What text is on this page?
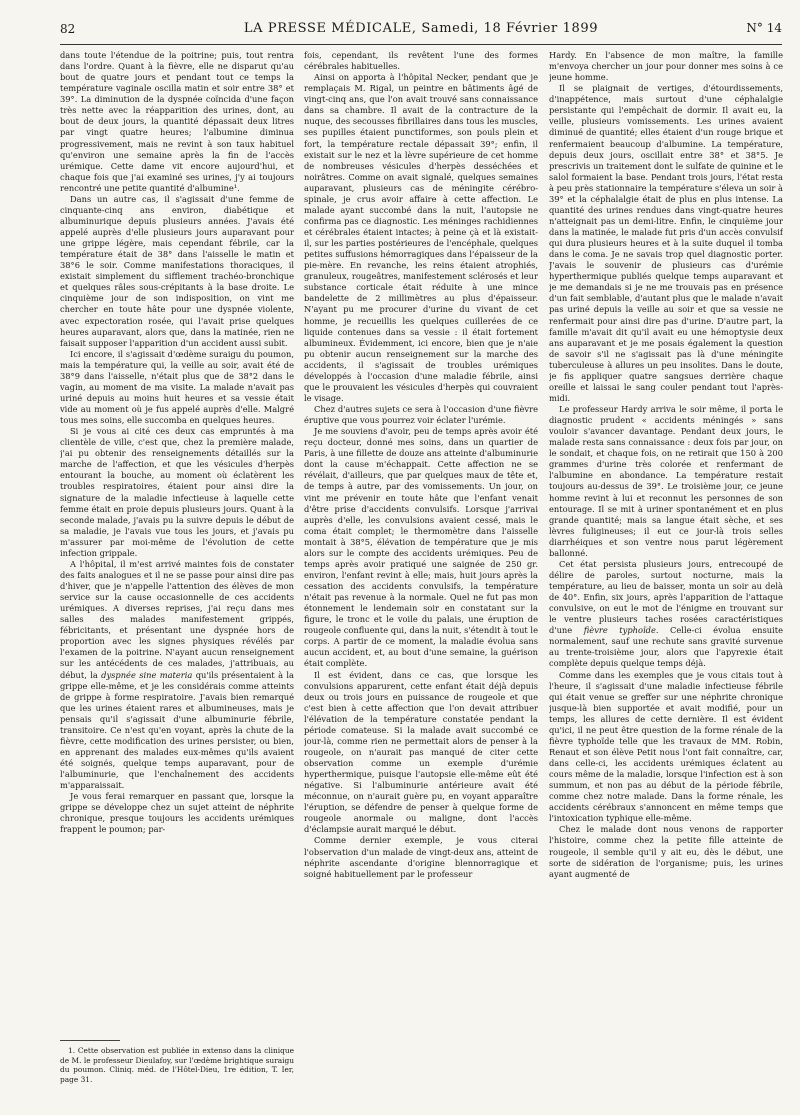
82	LA PRESSE MÉDICALE, Samedi, 18 Février 1899	N° 14

dans toute l'étendue de la poitrine; puis, tout rentra dans l'ordre. Quant à la fièvre, elle ne disparut qu'au bout de quatre jours et pendant tout ce temps la température vaginale oscilla matin et soir entre 38° et 39°. La diminution de la dyspnée coïncida d'une façon très nette avec la réapparition des urines, dont, au bout de deux jours, la quantité dépassait deux litres par vingt quatre heures; l'albumine diminua progressivement, mais ne revint à son taux habituel qu'environ une semaine après la fin de l'accès urémique. Cette dame vit encore aujourd'hui, et chaque fois que j'ai examiné ses urines, j'y ai toujours rencontré une petite quantité d'albumine¹.

Dans un autre cas, il s'agissait d'une femme de cinquante-cinq ans environ, diabétique et albuminurique depuis plusieurs années. J'avais été appelé auprès d'elle plusieurs jours auparavant pour une grippe légère, mais cependant fébrile, car la température était de 38° dans l'aisselle le matin et 38°6 le soir. Comme manifestations thoraciques, il existait simplement du sifflement trachéo-bronchique et quelques râles sous-crépitants à la base droite. Le cinquième jour de son indisposition, on vint me chercher en toute hâte pour une dyspnée violente, avec expectoration rosée, qui l'avait prise quelques heures auparavant, alors que, dans la matinée, rien ne faisait supposer l'apparition d'un accident aussi subit.

Ici encore, il s'agissait d'œdème suraigu du poumon, mais la température qui, la veille au soir, avait été de 38°9 dans l'aisselle, n'était plus que de 38°2 dans le vagin, au moment de ma visite. La malade n'avait pas uriné depuis au moins huit heures et sa vessie était vide au moment où je fus appelé auprès d'elle. Malgré tous mes soins, elle succomba en quelques heures.

Si je vous ai cité ces deux cas empruntés à ma clientèle de ville, c'est que, chez la première malade, j'ai pu obtenir des renseignements détaillés sur la marche de l'affection, et que les vésicules d'herpès entourant la bouche, au moment où éclatèrent les troubles respiratoires, étaient pour ainsi dire la signature de la maladie infectieuse à laquelle cette femme était en proie depuis plusieurs jours. Quant à la seconde malade, j'avais pu la suivre depuis le début de sa maladie, je l'avais vue tous les jours, et j'avais pu m'assurer par moi-même de l'évolution de cette infection grippale.

A l'hôpital, il m'est arrivé maintes fois de constater des faits analogues et il ne se passe pour ainsi dire pas d'hiver, que je n'appelle l'attention des élèves de mon service sur la cause occasionnelle de ces accidents urémiques. A diverses reprises, j'ai reçu dans mes salles des malades manifestement grippés, fébricitants, et présentant une dyspnée hors de proportion avec les signes physiques révélés par l'examen de la poitrine. N'ayant aucun renseignement sur les antécédents de ces malades, j'attribuais, au début, la dyspnée sine materia qu'ils présentaient à la grippe elle-même, et je les considérais comme atteints de grippe à forme respiratoire. J'avais bien remarqué que les urines étaient rares et albumineuses, mais je pensais qu'il s'agissait d'une albuminurie fébrile, transitoire. Ce n'est qu'en voyant, après la chute de la fièvre, cette modification des urines persister, ou bien, en apprenant des malades eux-mêmes qu'ils avaient été soignés, quelque temps auparavant, pour de l'albuminurie, que l'enchaînement des accidents m'apparaissait.

Je vous ferai remarquer en passant que, lorsque la grippe se développe chez un sujet atteint de néphrite chronique, presque toujours les accidents urémiques frappent le poumon; par-

fois, cependant, ils revêtent l'une des formes cérébrales habituelles.

Ainsi on apporta à l'hôpital Necker, pendant que je remplaçais M. Rigal, un peintre en bâtiments âgé de vingt-cinq ans, que l'on avait trouvé sans connaissance dans sa chambre. Il avait de la contracture de la nuque, des secousses fibrillaires dans tous les muscles, ses pupilles étaient punctiformes, son pouls plein et fort, la température rectale dépassait 39°; enfin, il existait sur le nez et la lèvre supérieure de cet homme de nombreuses vésicules d'herpès desséchées et noirâtres. Comme on avait signalé, quelques semaines auparavant, plusieurs cas de méningite cérébro-spinale, je crus avoir affaire à cette affection. Le malade ayant succombé dans la nuit, l'autopsie ne confirma pas ce diagnostic. Les méninges rachidiennes et cérébrales étaient intactes; à peine çà et là existait-il, sur les parties postérieures de l'encéphale, quelques petites suffusions hémorragiques dans l'épaisseur de la pie-mère. En revanche, les reins étaient atrophiés, granuleux, rougeâtres, manifestement sclérosés et leur substance corticale était réduite à une mince bandelette de 2 millimètres au plus d'épaisseur. N'ayant pu me procurer d'urine du vivant de cet homme, je recueillis les quelques cuillerées de ce liquide contenues dans sa vessie : il était fortement albumineux. Évidemment, ici encore, bien que je n'aie pu obtenir aucun renseignement sur la marche des accidents, il s'agissait de troubles urémiques développés à l'occasion d'une maladie fébrile, ainsi que le prouvaient les vésicules d'herpès qui couvraient le visage.

Chez d'autres sujets ce sera à l'occasion d'une fièvre éruptive que vous pourrez voir éclater l'urémie.

Je me souviens d'avoir, peu de temps après avoir été reçu docteur, donné mes soins, dans un quartier de Paris, à une fillette de douze ans atteinte d'albuminurie dont la cause m'échappait. Cette affection ne se révélait, d'ailleurs, que par quelques maux de tête et, de temps à autre, par des vomissements. Un jour, on vint me prévenir en toute hâte que l'enfant venait d'être prise d'accidents convulsifs. Lorsque j'arrivai auprès d'elle, les convulsions avaient cessé, mais le coma était complet; le thermomètre dans l'aisselle montait à 38°5, élévation de température que je mis alors sur le compte des accidents urémiques. Peu de temps après avoir pratiqué une saignée de 250 gr. environ, l'enfant revint à elle; mais, huit jours après la cessation des accidents convulsifs, la température n'était pas revenue à la normale. Quel ne fut pas mon étonnement le lendemain soir en constatant sur la figure, le tronc et le voile du palais, une éruption de rougeole confluente qui, dans la nuit, s'étendit à tout le corps. A partir de ce moment, la maladie évolua sans aucun accident, et, au bout d'une semaine, la guérison était complète.

Il est évident, dans ce cas, que lorsque les convulsions apparurent, cette enfant était déjà depuis deux ou trois jours en puissance de rougeole et que c'est bien à cette affection que l'on devait attribuer l'élévation de la température constatée pendant la période comateuse. Si la malade avait succombé ce jour-là, comme rien ne permettait alors de penser à la rougeole, on n'aurait pas manqué de citer cette observation comme un exemple d'urémie hyperthermique, puisque l'autopsie elle-même eût été négative. Si l'albuminurie antérieure avait été méconnue, on n'aurait guère pu, en voyant apparaître l'éruption, se défendre de penser à quelque forme de rougeole anormale ou maligne, dont l'accès d'éclampsie aurait marqué le début.

Comme dernier exemple, je vous citerai l'observation d'un malade de vingt-deux ans, atteint de néphrite ascendante d'origine blennorragique et soigné habituellement par le professeur

Hardy. En l'absence de mon maître, la famille m'envoya chercher un jour pour donner mes soins à ce jeune homme.

Il se plaignait de vertiges, d'étourdissements, d'inappétence, mais surtout d'une céphalalgie persistante qui l'empêchait de dormir. Il avait eu, la veille, plusieurs vomissements. Les urines avaient diminué de quantité; elles étaient d'un rouge brique et renfermaient beaucoup d'albumine. La température, depuis deux jours, oscillait entre 38° et 38°5. Je prescrivis un traitement dont le sulfate de quinine et le salol formaient la base. Pendant trois jours, l'état resta à peu près stationnaire la température s'éleva un soir à 39° et la céphalalgie était de plus en plus intense. La quantité des urines rendues dans vingt-quatre heures n'atteignait pas un demi-litre. Enfin, le cinquième jour dans la matinée, le malade fut pris d'un accès convulsif qui dura plusieurs heures et à la suite duquel il tomba dans le coma. Je ne savais trop quel diagnostic porter. J'avais le souvenir de plusieurs cas d'urémie hyperthermique publiés quelque temps auparavant et je me demandais si je ne me trouvais pas en présence d'un fait semblable, d'autant plus que le malade n'avait pas uriné depuis la veille au soir et que sa vessie ne renfermait pour ainsi dire pas d'urine. D'autre part, la famille m'avait dit qu'il avait eu une hémoptysie deux ans auparavant et je me posais également la question de savoir s'il ne s'agissait pas là d'une méningite tuberculeuse à allures un peu insolites. Dans le doute, je fis appliquer quatre sangsues derrière chaque oreille et laissai le sang couler pendant tout l'après-midi.

Le professeur Hardy arriva le soir même, il porta le diagnostic prudent « accidents méningés » sans vouloir s'avancer davantage. Pendant deux jours, le malade resta sans connaissance : deux fois par jour, on le sondait, et chaque fois, on ne retirait que 150 à 200 grammes d'urine très colorée et renfermant de l'albumine en abondance. La température restait toujours au-dessus de 39°. Le troisième jour, ce jeune homme revint à lui et reconnut les personnes de son entourage. Il se mit à uriner spontanément et en plus grande quantité; mais sa langue était sèche, et ses lèvres fuligineuses; il eut ce jour-là trois selles diarrhéiques et son ventre nous parut légèrement ballonné.

Cet état persista plusieurs jours, entrecoupé de délire de paroles, surtout nocturne, mais la température, au lieu de baisser, monta un soir au delà de 40°. Enfin, six jours, après l'apparition de l'attaque convulsive, on eut le mot de l'énigme en trouvant sur le ventre plusieurs taches rosées caractéristiques d'une fièvre typhoïde. Celle-ci évolua ensuite normalement, sauf une rechute sans gravité survenue au trente-troisième jour, alors que l'apyrexie était complète depuis quelque temps déjà.

Comme dans les exemples que je vous citais tout à l'heure, il s'agissait d'une maladie infectieuse fébrile qui était venue se greffer sur une néphrite chronique jusque-là bien supportée et avait modifié, pour un temps, les allures de cette dernière. Il est évident qu'ici, il ne peut être question de la forme rénale de la fièvre typhoïde telle que les travaux de MM. Robin, Renaut et son élève Petit nous l'ont fait connaître, car, dans celle-ci, les accidents urémiques éclatent au cours même de la maladie, lorsque l'infection est à son summum, et non pas au début de la période fébrile, comme chez notre malade. Dans la forme rénale, les accidents cérébraux s'annoncent en même temps que l'intoxication typhique elle-même.

Chez le malade dont nous venons de rapporter l'histoire, comme chez la petite fille atteinte de rougeole, il semble qu'il y ait eu, dès le début, une sorte de sidération de l'organisme; puis, les urines ayant augmenté de

1. Cette observation est publiée in extenso dans la clinique de M. le professeur Dieulafoy, sur l'œdème brightique suraigu du poumon. Cliniq. méd. de l'Hôtel-Dieu, 1re édition, T. Ier, page 31.
